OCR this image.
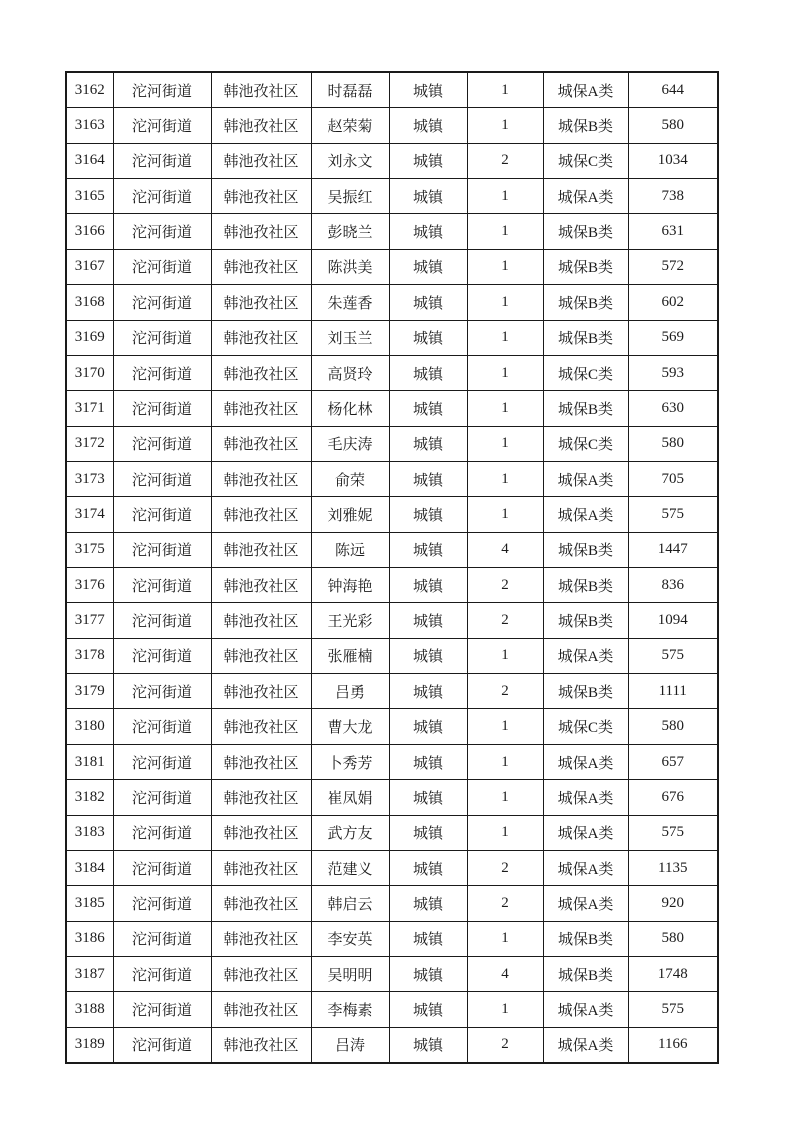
3162	沱河街道	韩池孜社区	时磊磊	城镇	1	城保A类	644
3163	沱河街道	韩池孜社区	赵荣菊	城镇	1	城保B类	580
3164	沱河街道	韩池孜社区	刘永文	城镇	2	城保C类	1034
3165	沱河街道	韩池孜社区	吴振红	城镇	1	城保A类	738
3166	沱河街道	韩池孜社区	彭晓兰	城镇	1	城保B类	631
3167	沱河街道	韩池孜社区	陈洪美	城镇	1	城保B类	572
3168	沱河街道	韩池孜社区	朱莲香	城镇	1	城保B类	602
3169	沱河街道	韩池孜社区	刘玉兰	城镇	1	城保B类	569
3170	沱河街道	韩池孜社区	高贤玲	城镇	1	城保C类	593
3171	沱河街道	韩池孜社区	杨化林	城镇	1	城保B类	630
3172	沱河街道	韩池孜社区	毛庆涛	城镇	1	城保C类	580
3173	沱河街道	韩池孜社区	俞荣	城镇	1	城保A类	705
3174	沱河街道	韩池孜社区	刘雅妮	城镇	1	城保A类	575
3175	沱河街道	韩池孜社区	陈远	城镇	4	城保B类	1447
3176	沱河街道	韩池孜社区	钟海艳	城镇	2	城保B类	836
3177	沱河街道	韩池孜社区	王光彩	城镇	2	城保B类	1094
3178	沱河街道	韩池孜社区	张雁楠	城镇	1	城保A类	575
3179	沱河街道	韩池孜社区	吕勇	城镇	2	城保B类	1111
3180	沱河街道	韩池孜社区	曹大龙	城镇	1	城保C类	580
3181	沱河街道	韩池孜社区	卜秀芳	城镇	1	城保A类	657
3182	沱河街道	韩池孜社区	崔凤娟	城镇	1	城保A类	676
3183	沱河街道	韩池孜社区	武方友	城镇	1	城保A类	575
3184	沱河街道	韩池孜社区	范建义	城镇	2	城保A类	1135
3185	沱河街道	韩池孜社区	韩启云	城镇	2	城保A类	920
3186	沱河街道	韩池孜社区	李安英	城镇	1	城保B类	580
3187	沱河街道	韩池孜社区	吴明明	城镇	4	城保B类	1748
3188	沱河街道	韩池孜社区	李梅素	城镇	1	城保A类	575
3189	沱河街道	韩池孜社区	吕涛	城镇	2	城保A类	1166
